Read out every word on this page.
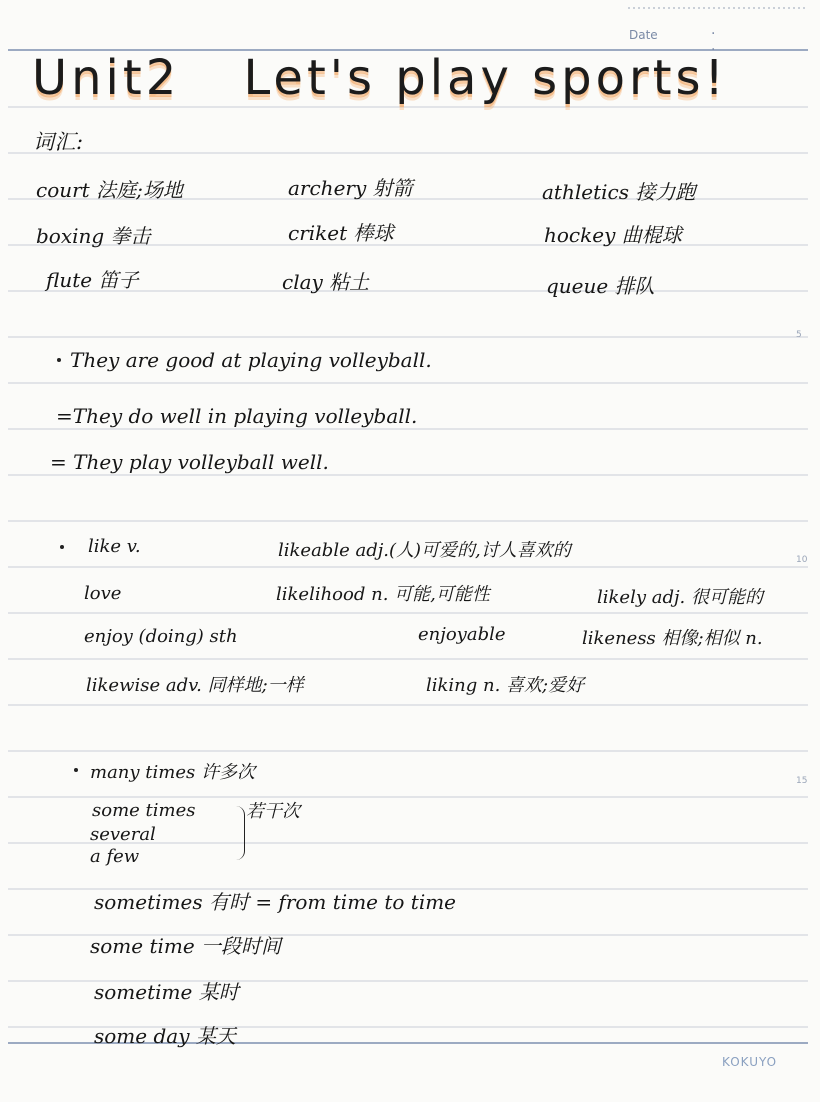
Date	· ·
Unit2 Let's play sports!
词汇:
court 法庭;场地	archery 射箭	athletics 接力跑
boxing 拳击	criket 棒球	hockey 曲棍球
flute 笛子	clay 粘土	queue 排队
They are good at playing volleyball.
=They do well in playing volleyball.
= They play volleyball well.
like v.	likeable adj.(人)可爱的,讨人喜欢的
love	likelihood n. 可能,可能性	likely adj. 很可能的
enjoy (doing) sth	enjoyable	likeness 相像;相似 n.
likewise adv. 同样地;一样	liking n. 喜欢;爱好
many times 许多次
some times
several
a few
若干次
sometimes 有时 = from time to time
some time 一段时间
sometime 某时
some day 某天
5
10
15
KOKUYO
